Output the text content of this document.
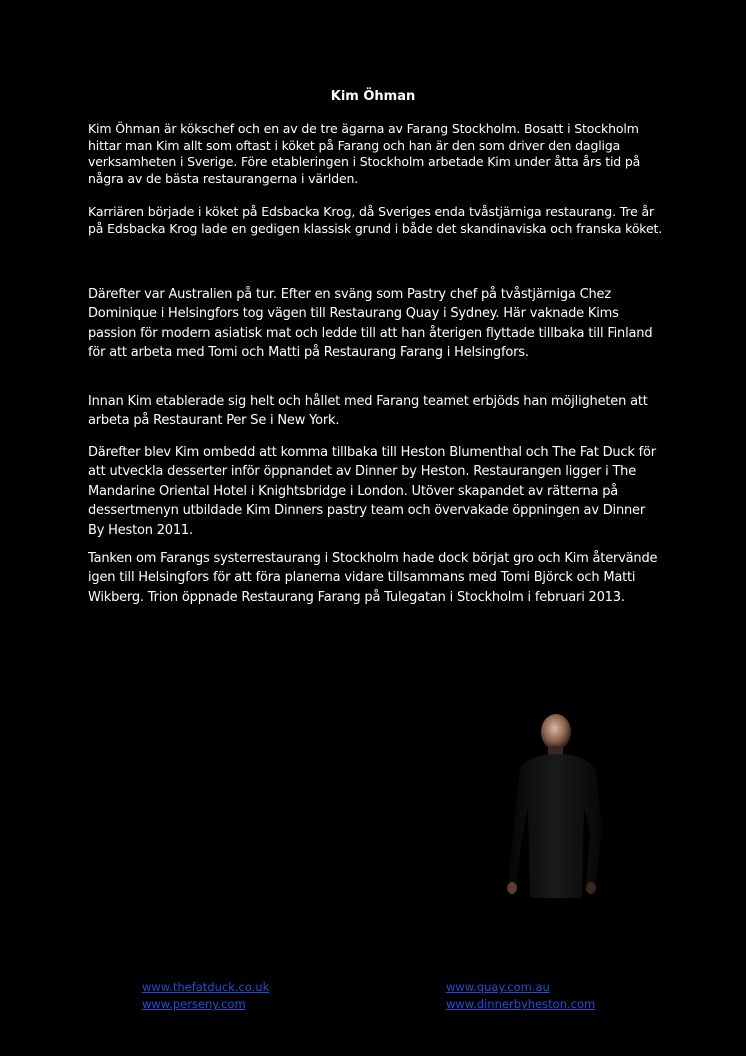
Kim Öhman
Kim Öhman är kökschef och en av de tre ägarna av Farang Stockholm. Bosatt i Stockholm hittar man Kim allt som oftast i köket på Farang och han är den som driver den dagliga verksamheten i Sverige. Före etableringen i Stockholm arbetade Kim under åtta års tid på några av de bästa restaurangerna i världen.
Karriären började i köket på Edsbacka Krog, då Sveriges enda tvåstjärniga restaurang. Tre år på Edsbacka Krog lade en gedigen klassisk grund i både det skandinaviska och franska köket.
Därefter var Australien på tur. Efter en sväng som Pastry chef på tvåstjärniga Chez Dominique i Helsingfors tog vägen till Restaurang Quay i Sydney. Här vaknade Kims passion för modern asiatisk mat och ledde till att han återigen flyttade tillbaka till Finland för att arbeta med Tomi och Matti på Restaurang Farang i Helsingfors.
Innan Kim etablerade sig helt och hållet med Farang teamet erbjöds han möjligheten att arbeta på Restaurant Per Se i New York.
Därefter blev Kim ombedd att komma tillbaka till Heston Blumenthal och The Fat Duck för att utveckla desserter inför öppnandet av Dinner by Heston. Restaurangen ligger i The Mandarine Oriental Hotel i Knightsbridge i London. Utöver skapandet av rätterna på dessertmenyn utbildade Kim Dinners pastry team och övervakade öppningen av Dinner By Heston 2011.
Tanken om Farangs systerrestaurang i Stockholm hade dock börjat gro och Kim återvände igen till Helsingfors för att föra planerna vidare tillsammans med Tomi Björck och Matti Wikberg. Trion öppnade Restaurang Farang på Tulegatan i Stockholm i februari 2013.
www.thefatduck.co.uk
www.perseny.com
www.quay.com.au
www.dinnerbyheston.com
